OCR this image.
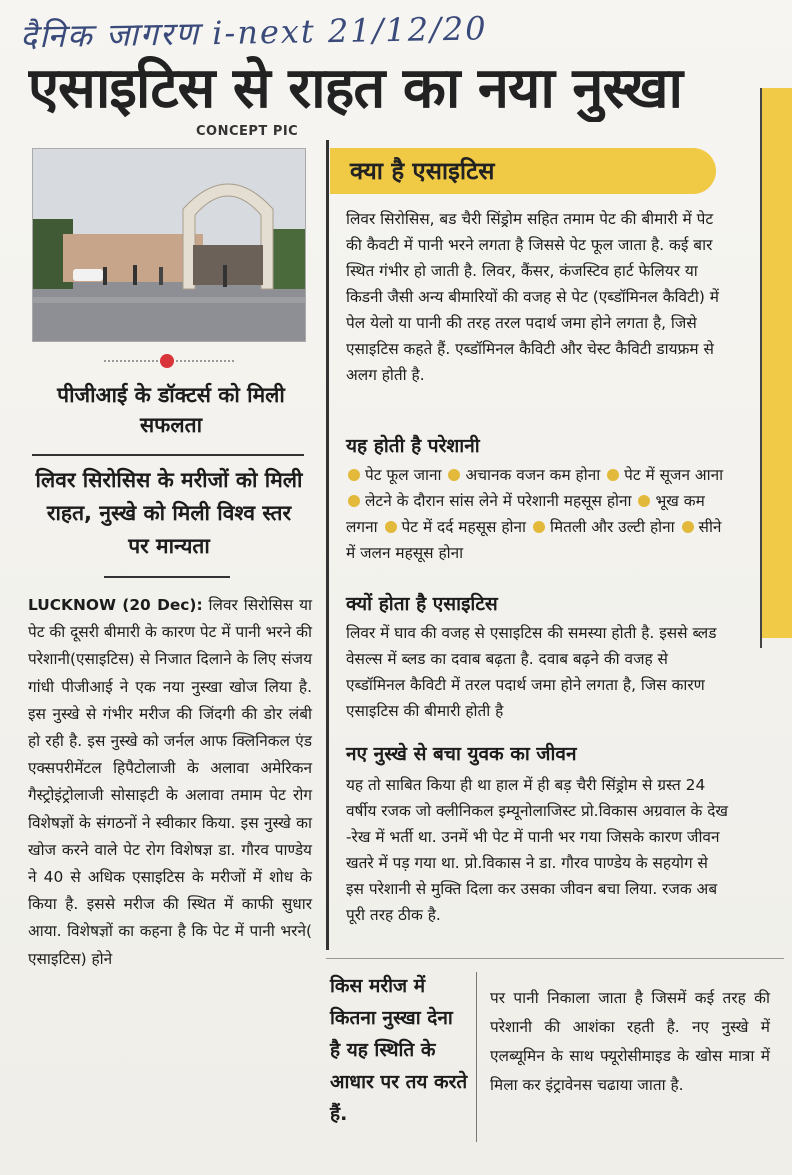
दैनिक जागरण i-next 21/12/20
एसाइटिस से राहत का नया नुस्खा
CONCEPT PIC
पीजीआई के डॉक्टर्स को मिली सफलता
लिवर सिरोसिस के मरीजों को मिली राहत, नुस्खे को मिली विश्व स्तर पर मान्यता
LUCKNOW (20 Dec): लिवर सिरोसिस या पेट की दूसरी बीमारी के कारण पेट में पानी भरने की परेशानी(एसाइटिस) से निजात दिलाने के लिए संजय गांधी पीजीआई ने एक नया नुस्खा खोज लिया है. इस नुस्खे से गंभीर मरीज की जिंदगी की डोर लंबी हो रही है. इस नुस्खे को जर्नल आफ क्लिनिकल एंड एक्सपरीमेंटल हिपैटोलाजी के अलावा अमेरिकन गैस्ट्रोइंट्रोलाजी सोसाइटी के अलावा तमाम पेट रोग विशेषज्ञों के संगठनों ने स्वीकार किया. इस नुस्खे का खोज करने वाले पेट रोग विशेषज्ञ डा. गौरव पाण्डेय ने 40 से अधिक एसाइटिस के मरीजों में शोध के किया है. इससे मरीज की स्थित में काफी सुधार आया. विशेषज्ञों का कहना है कि पेट में पानी भरने( एसाइटिस) होने
क्या है एसाइटिस
लिवर सिरोसिस, बड चैरी सिंड्रोम सहित तमाम पेट की बीमारी में पेट की कैवटी में पानी भरने लगता है जिससे पेट फूल जाता है. कई बार स्थित गंभीर हो जाती है. लिवर, कैंसर, कंजस्टिव हार्ट फेलियर या किडनी जैसी अन्य बीमारियों की वजह से पेट (एब्डॉमिनल कैविटी) में पेल येलो या पानी की तरह तरल पदार्थ जमा होने लगता है, जिसे एसाइटिस कहते हैं. एब्डॉमिनल कैविटी और चेस्ट कैविटी डायफ्रम से अलग होती है.
यह होती है परेशानी
पेट फूल जाना अचानक वजन कम होना पेट में सूजन आना लेटने के दौरान सांस लेने में परेशानी महसूस होना भूख कम लगना पेट में दर्द महसूस होना मितली और उल्टी होना सीने में जलन महसूस होना
क्यों होता है एसाइटिस
लिवर में घाव की वजह से एसाइटिस की समस्या होती है. इससे ब्लड वेसल्स में ब्लड का दवाब बढ़ता है. दवाब बढ़ने की वजह से एब्डॉमिनल कैविटी में तरल पदार्थ जमा होने लगता है, जिस कारण एसाइटिस की बीमारी होती है
नए नुस्खे से बचा युवक का जीवन
यह तो साबित किया ही था हाल में ही बड़ चैरी सिंड्रोम से ग्रस्त 24 वर्षीय रजक जो क्लीनिकल इम्यूनोलाजिस्ट प्रो.विकास अग्रवाल के देख -रेख में भर्ती था. उनमें भी पेट में पानी भर गया जिसके कारण जीवन खतरे में पड़ गया था. प्रो.विकास ने डा. गौरव पाण्डेय के सहयोग से इस परेशानी से मुक्ति दिला कर उसका जीवन बचा लिया. रजक अब पूरी तरह ठीक है.
किस मरीज में कितना नुस्खा देना है यह स्थिति के आधार पर तय करते हैं.
पर पानी निकाला जाता है जिसमें कई तरह की परेशानी की आशंका रहती है. नए नुस्खे में एलब्यूमिन के साथ फ्यूरोसीमाइड के खोस मात्रा में मिला कर इंट्रावेनस चढाया जाता है.
